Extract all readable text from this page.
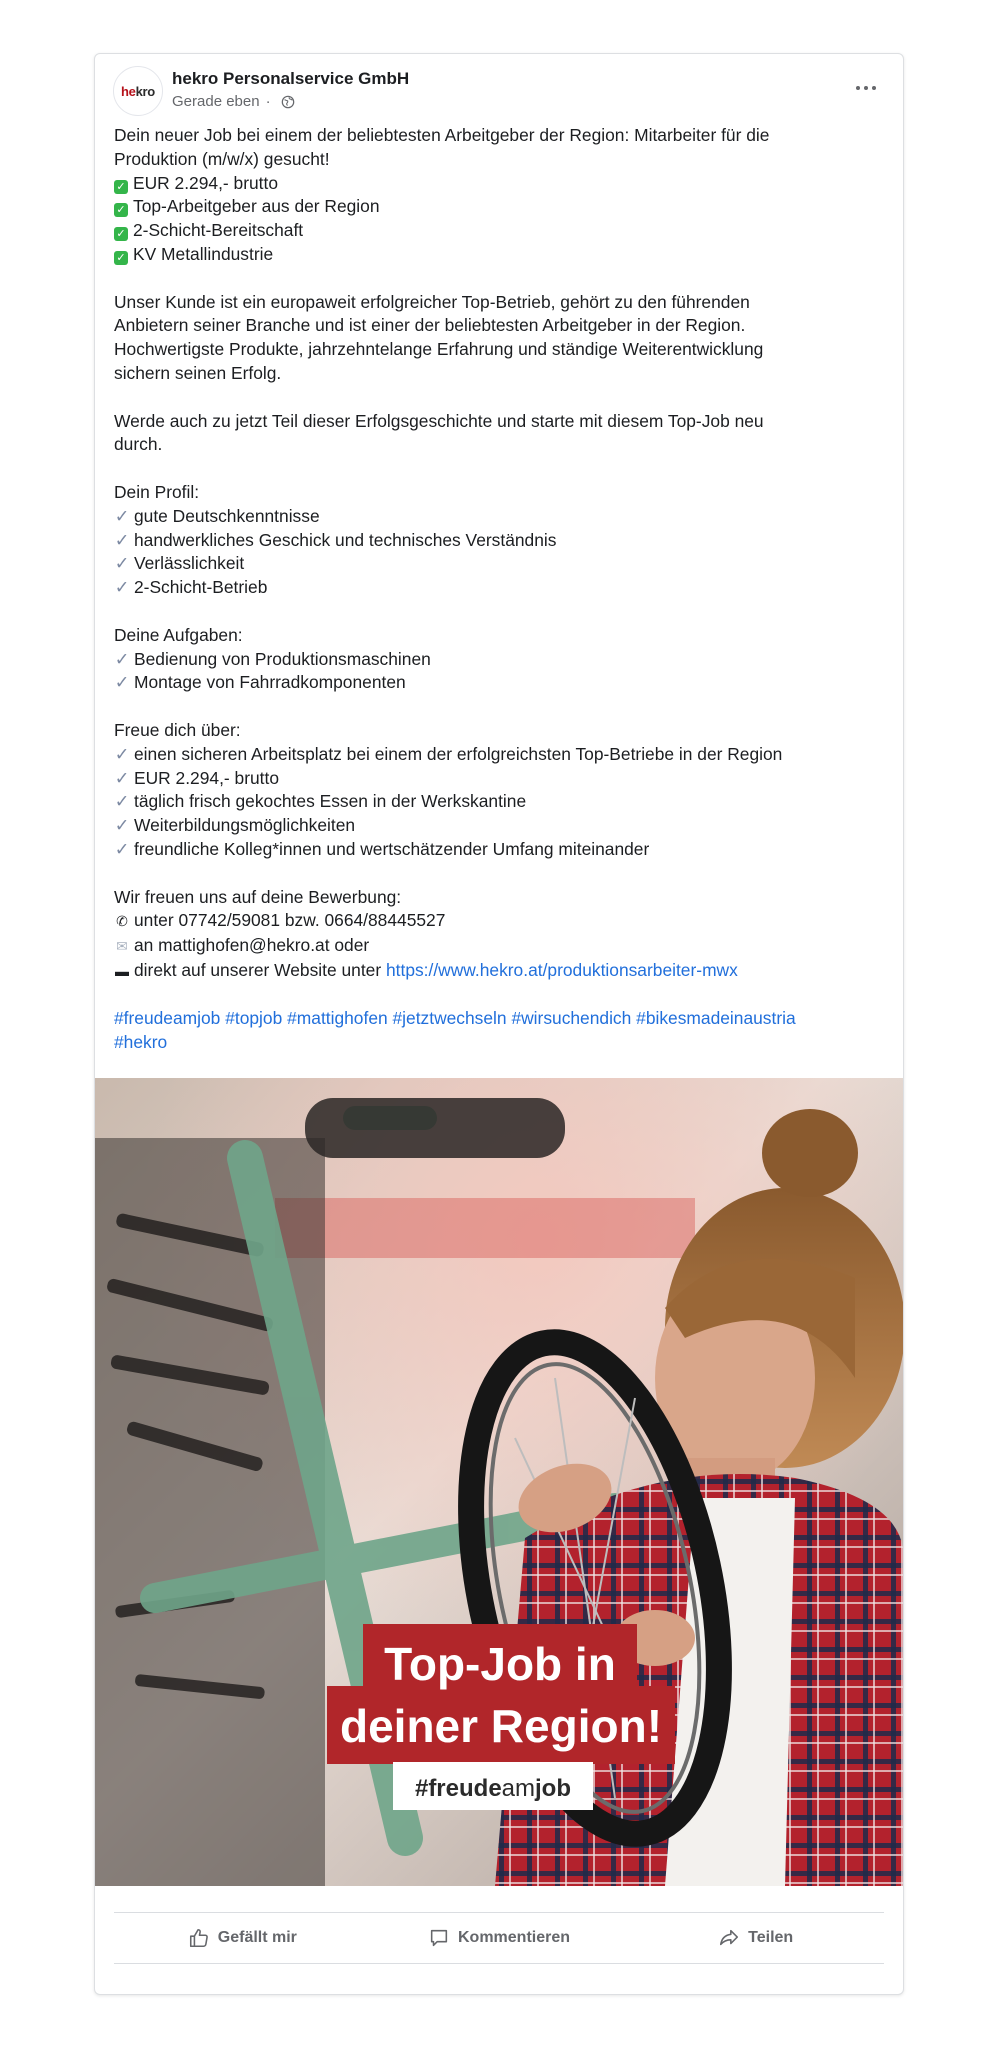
he kro
hekro Personalservice GmbH
Gerade eben ·

Dein neuer Job bei einem der beliebtesten Arbeitgeber der Region: Mitarbeiter für die

Produktion (m/w/x) gesucht!

✓ EUR 2.294,- brutto

✓ Top-Arbeitgeber aus der Region

✓ 2-Schicht-Bereitschaft

✓ KV Metallindustrie

Unser Kunde ist ein europaweit erfolgreicher Top-Betrieb, gehört zu den führenden

Anbietern seiner Branche und ist einer der beliebtesten Arbeitgeber in der Region.

Hochwertigste Produkte, jahrzehntelange Erfahrung und ständige Weiterentwicklung

sichern seinen Erfolg.

Werde auch zu jetzt Teil dieser Erfolgsgeschichte und starte mit diesem Top-Job neu

durch.

Dein Profil:

✓ gute Deutschkenntnisse

✓ handwerkliches Geschick und technisches Verständnis

✓ Verlässlichkeit

✓ 2-Schicht-Betrieb

Deine Aufgaben:

✓ Bedienung von Produktionsmaschinen

✓ Montage von Fahrradkomponenten

Freue dich über:

✓ einen sicheren Arbeitsplatz bei einem der erfolgreichsten Top-Betriebe in der Region

✓ EUR 2.294,- brutto

✓ täglich frisch gekochtes Essen in der Werkskantine

✓ Weiterbildungsmöglichkeiten

✓ freundliche Kolleg*innen und wertschätzender Umfang miteinander

Wir freuen uns auf deine Bewerbung:

✆ unter 07742/59081 bzw. 0664/88445527

✉ an mattighofen@hekro.at oder

▬ direkt auf unserer Website unter https://www.hekro.at/produktionsarbeiter-mwx

#freudeamjob #topjob #mattighofen #jetztwechseln #wirsuchendich #bikesmadeinaustria

#hekro

Top-Job in
deiner Region!
#freudeamjob
Gefällt mir	Kommentieren	Teilen
